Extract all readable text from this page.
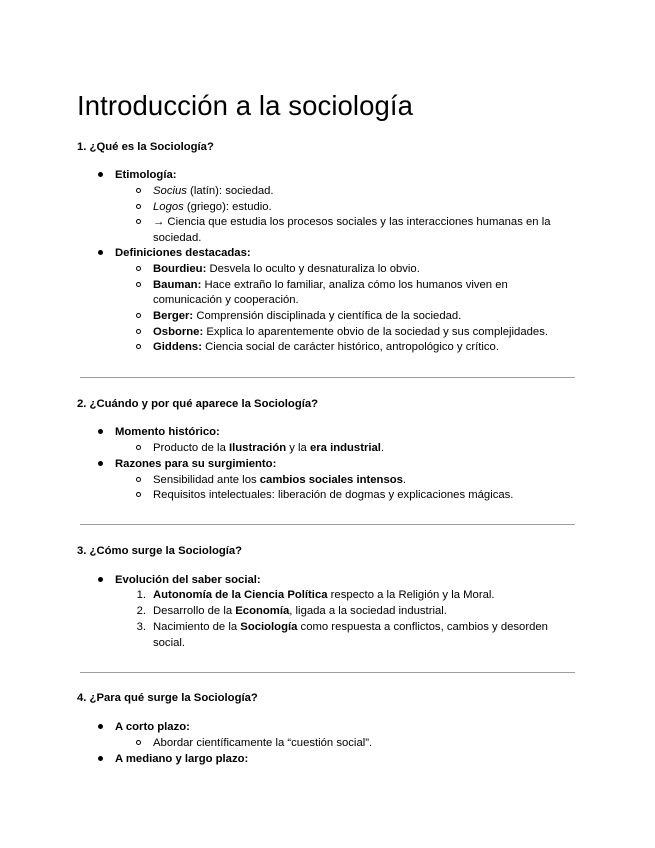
Introducción a la sociología
1. ¿Qué es la Sociología?
Etimología:
Socius (latín): sociedad.
Logos (griego): estudio.
→ Ciencia que estudia los procesos sociales y las interacciones humanas en la
sociedad.
Definiciones destacadas:
Bourdieu: Desvela lo oculto y desnaturaliza lo obvio.
Bauman: Hace extraño lo familiar, analiza cómo los humanos viven en
comunicación y cooperación.
Berger: Comprensión disciplinada y científica de la sociedad.
Osborne: Explica lo aparentemente obvio de la sociedad y sus complejidades.
Giddens: Ciencia social de carácter histórico, antropológico y crítico.
2. ¿Cuándo y por qué aparece la Sociología?
Momento histórico:
Producto de la Ilustración y la era industrial.
Razones para su surgimiento:
Sensibilidad ante los cambios sociales intensos.
Requisitos intelectuales: liberación de dogmas y explicaciones mágicas.
3. ¿Cómo surge la Sociología?
Evolución del saber social:
1. Autonomía de la Ciencia Política respecto a la Religión y la Moral.
2. Desarrollo de la Economía, ligada a la sociedad industrial.
3. Nacimiento de la Sociología como respuesta a conflictos, cambios y desorden
social.
4. ¿Para qué surge la Sociología?
A corto plazo:
Abordar científicamente la “cuestión social”.
A mediano y largo plazo:
